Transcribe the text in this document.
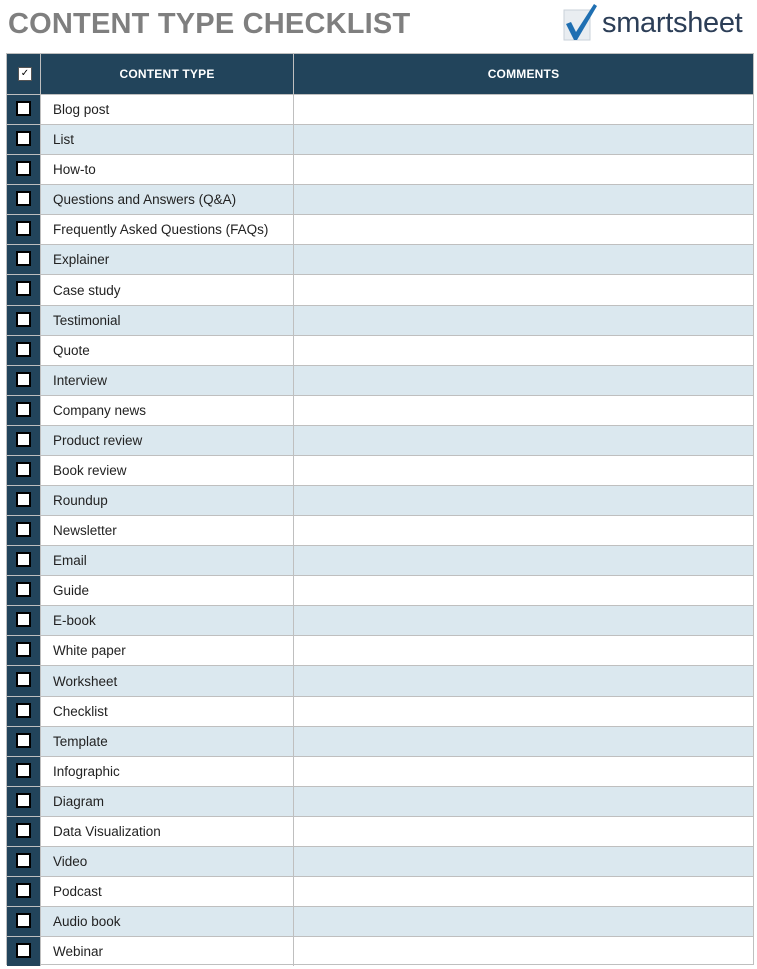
CONTENT TYPE CHECKLIST	smartsheet
✓	CONTENT TYPE	COMMENTS
Blog post
List
How-to
Questions and Answers (Q&A)
Frequently Asked Questions (FAQs)
Explainer
Case study
Testimonial
Quote
Interview
Company news
Product review
Book review
Roundup
Newsletter
Email
Guide
E-book
White paper
Worksheet
Checklist
Template
Infographic
Diagram
Data Visualization
Video
Podcast
Audio book
Webinar
